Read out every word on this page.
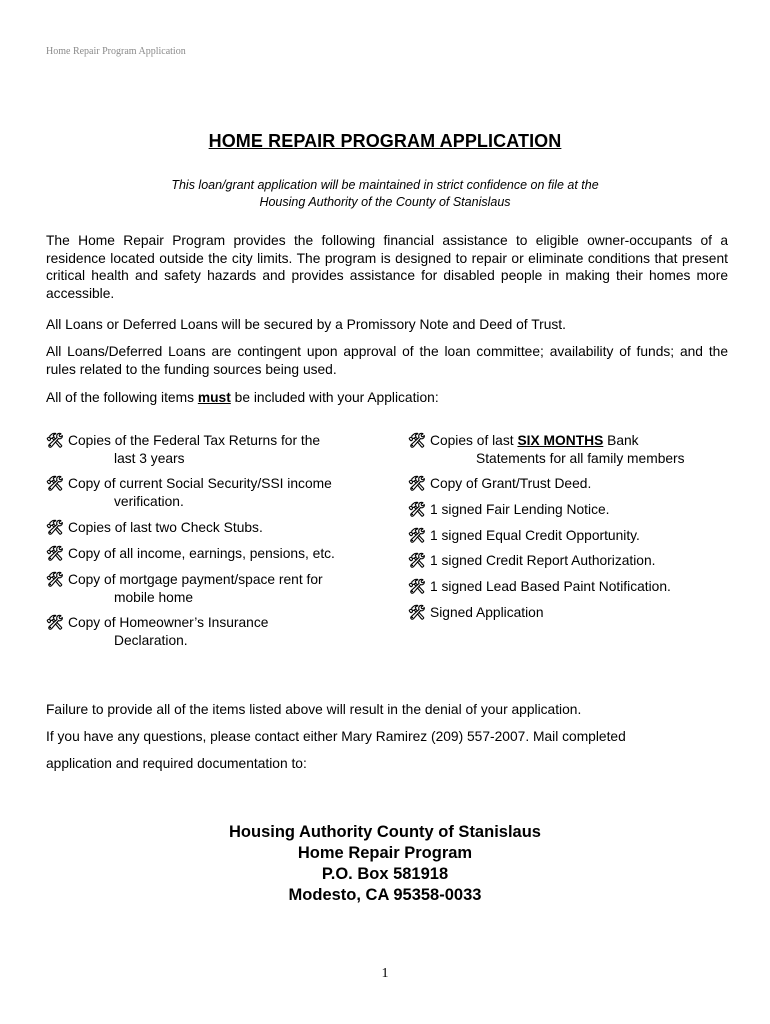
Home Repair Program Application
HOME REPAIR PROGRAM APPLICATION
This loan/grant application will be maintained in strict confidence on file at the
Housing Authority of the County of Stanislaus
The Home Repair Program provides the following financial assistance to eligible owner-occupants of a residence located outside the city limits. The program is designed to repair or eliminate conditions that present critical health and safety hazards and provides assistance for disabled people in making their homes more accessible.
All Loans or Deferred Loans will be secured by a Promissory Note and Deed of Trust.
All Loans/Deferred Loans are contingent upon approval of the loan committee; availability of funds; and the rules related to the funding sources being used.
All of the following items must be included with your Application:
🛠 Copies of the Federal Tax Returns for the
last 3 years
🛠 Copy of current Social Security/SSI income
verification.
🛠 Copies of last two Check Stubs.
🛠 Copy of all income, earnings, pensions, etc.
🛠 Copy of mortgage payment/space rent for
mobile home
🛠 Copy of Homeowner’s Insurance
Declaration.
🛠 Copies of last SIX MONTHS Bank
Statements for all family members
🛠 Copy of Grant/Trust Deed.
🛠 1 signed Fair Lending Notice.
🛠 1 signed Equal Credit Opportunity.
🛠 1 signed Credit Report Authorization.
🛠 1 signed Lead Based Paint Notification.
🛠 Signed Application
Failure to provide all of the items listed above will result in the denial of your application.
If you have any questions, please contact either Mary Ramirez (209) 557-2007. Mail completed
application and required documentation to:
Housing Authority County of Stanislaus
Home Repair Program
P.O. Box 581918
Modesto, CA 95358-0033
1
